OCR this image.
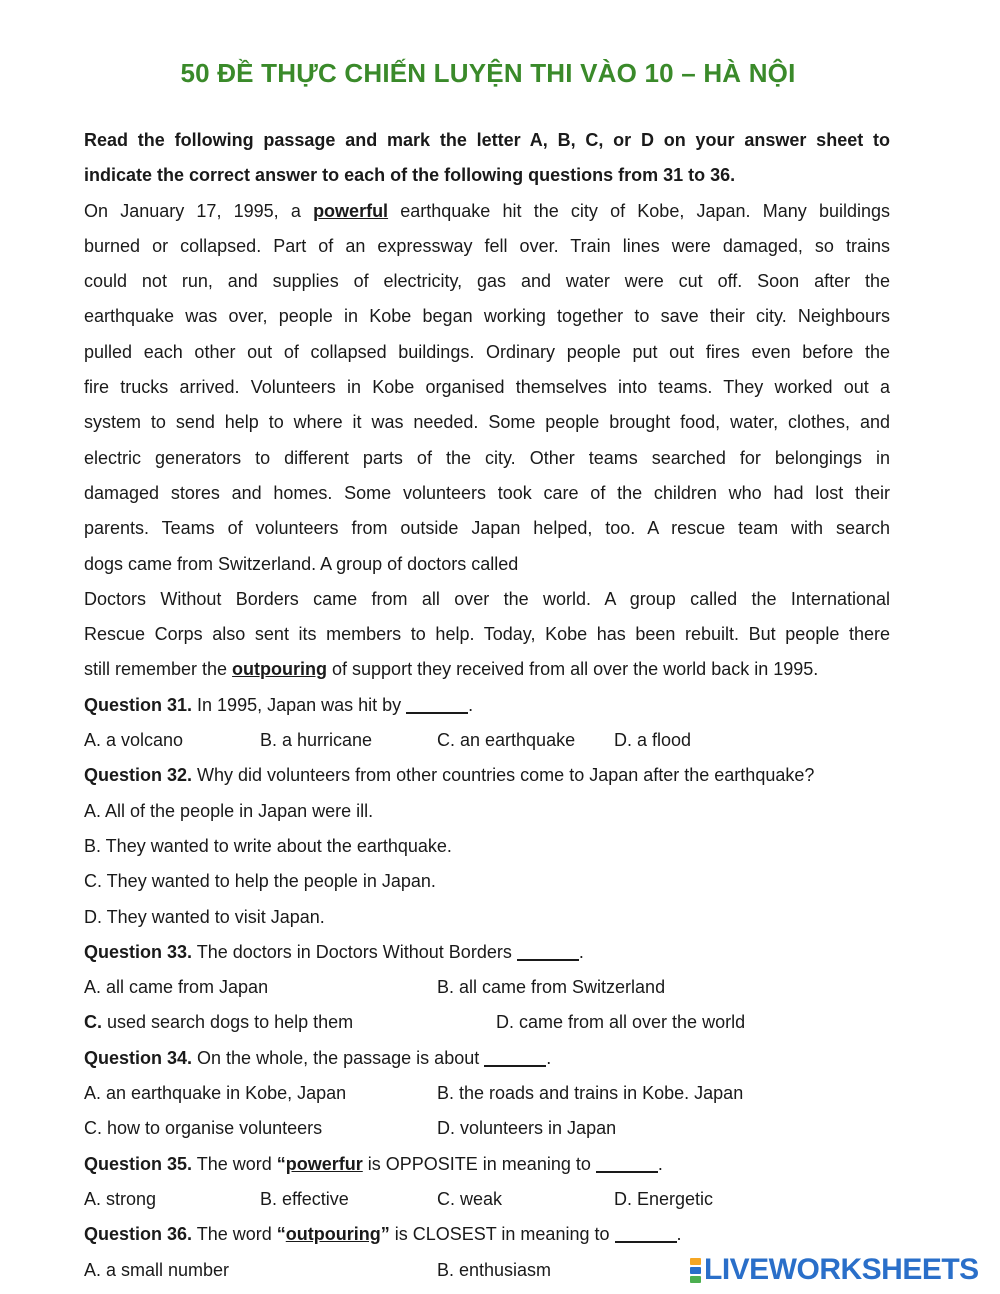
50 ĐỀ THỰC CHIẾN LUYỆN THI VÀO 10 – HÀ NỘI
Read the following passage and mark the letter A, B, C, or D on your answer sheet to
indicate the correct answer to each of the following questions from 31 to 36.
On January 17, 1995, a powerful earthquake hit the city of Kobe, Japan. Many buildings
burned or collapsed. Part of an expressway fell over. Train lines were damaged, so trains
could not run, and supplies of electricity, gas and water were cut off. Soon after the
earthquake was over, people in Kobe began working together to save their city. Neighbours
pulled each other out of collapsed buildings. Ordinary people put out fires even before the
fire trucks arrived. Volunteers in Kobe organised themselves into teams. They worked out a
system to send help to where it was needed. Some people brought food, water, clothes, and
electric generators to different parts of the city. Other teams searched for belongings in
damaged stores and homes. Some volunteers took care of the children who had lost their
parents. Teams of volunteers from outside Japan helped, too. A rescue team with search
dogs came from Switzerland. A group of doctors called
Doctors Without Borders came from all over the world. A group called the International
Rescue Corps also sent its members to help. Today, Kobe has been rebuilt. But people there
still remember the outpouring of support they received from all over the world back in 1995.
Question 31. In 1995, Japan was hit by	.
A. a volcano	B. a hurricane	C. an earthquake D. a flood
Question 32. Why did volunteers from other countries come to Japan after the earthquake?
A. All of the people in Japan were ill.
B. They wanted to write about the earthquake.
C. They wanted to help the people in Japan.
D. They wanted to visit Japan.
Question 33. The doctors in Doctors Without Borders	.
A. all came from Japan	B. all came from Switzerland
C. used search dogs to help them	D. came from all over the world
Question 34. On the whole, the passage is about	.
A. an earthquake in Kobe, Japan	B. the roads and trains in Kobe. Japan
C. how to organise volunteers	D. volunteers in Japan
Question 35. The word “powerfur is OPPOSITE in meaning to	.
A. strong	B. effective	C. weak	D. Energetic
Question 36. The word “outpouring” is CLOSEST in meaning to	.
A. a small number	B. enthusiasm	LIVEWORKSHEETS
